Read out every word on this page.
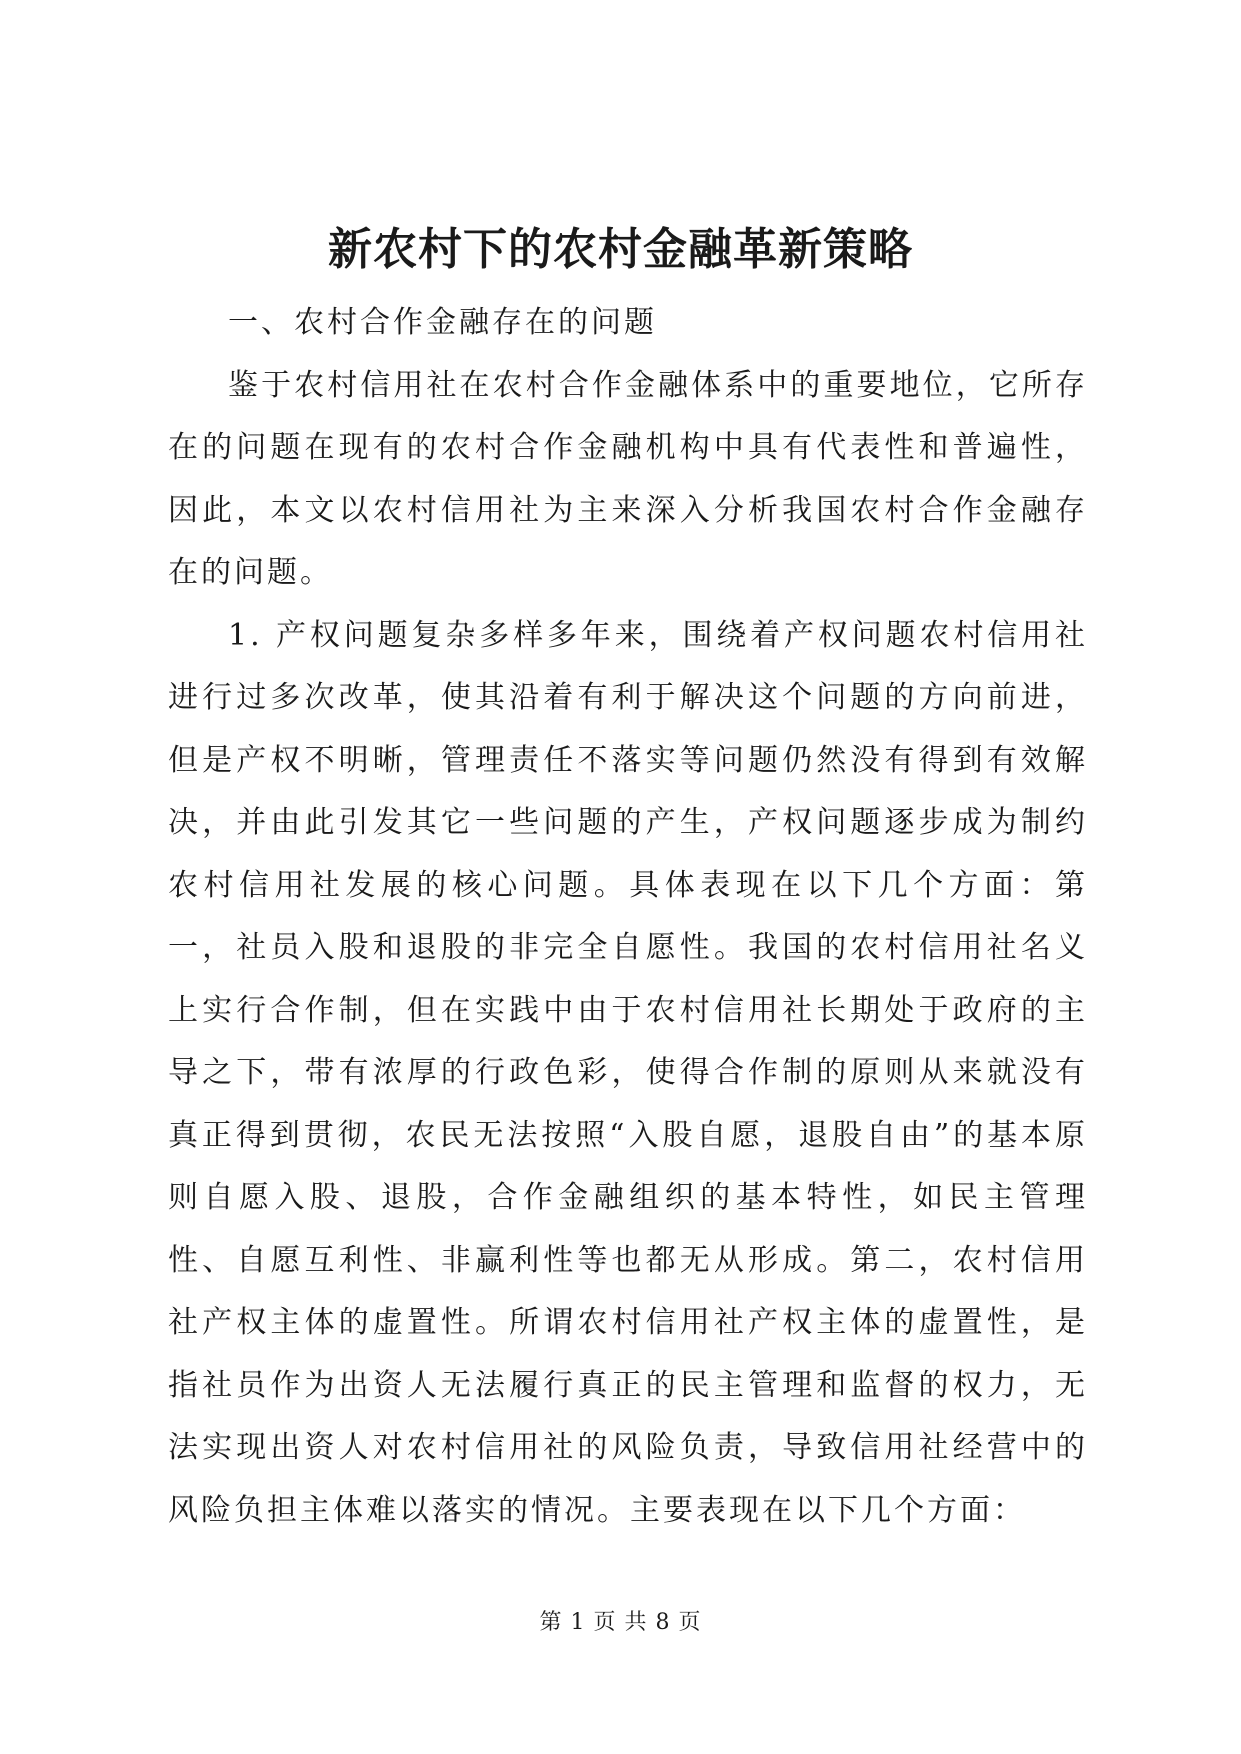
新农村下的农村金融革新策略

一、农村合作金融存在的问题

鉴于农村信用社在农村合作金融体系中的重要地位，它所存在的问题在现有的农村合作金融机构中具有代表性和普遍性，因此，本文以农村信用社为主来深入分析我国农村合作金融存在的问题。

1. 产权问题复杂多样多年来，围绕着产权问题农村信用社进行过多次改革，使其沿着有利于解决这个问题的方向前进，但是产权不明晰，管理责任不落实等问题仍然没有得到有效解决，并由此引发其它一些问题的产生，产权问题逐步成为制约农村信用社发展的核心问题。具体表现在以下几个方面：第一，社员入股和退股的非完全自愿性。我国的农村信用社名义上实行合作制，但在实践中由于农村信用社长期处于政府的主导之下，带有浓厚的行政色彩，使得合作制的原则从来就没有真正得到贯彻，农民无法按照“入股自愿，退股自由”的基本原则自愿入股、退股，合作金融组织的基本特性，如民主管理性、自愿互利性、非赢利性等也都无从形成。第二，农村信用社产权主体的虚置性。所谓农村信用社产权主体的虚置性，是指社员作为出资人无法履行真正的民主管理和监督的权力，无法实现出资人对农村信用社的风险负责，导致信用社经营中的风险负担主体难以落实的情况。主要表现在以下几个方面：

第 1 页 共 8 页
